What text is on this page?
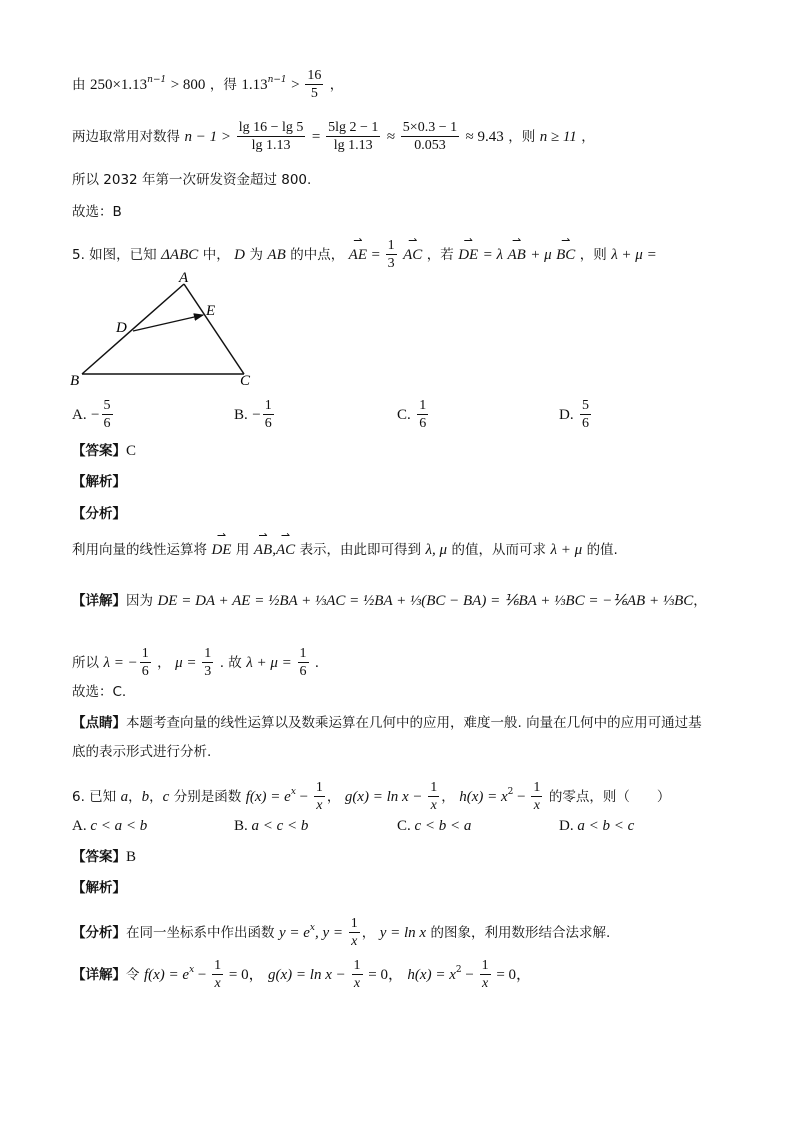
由 $250\times 1.13^{n-1} > 800$ ，得 $1.13^{n-1} > \frac{16}{5}$ ，
两边取常用对数得 $n - 1 > \frac{\lg 16 - \lg 5}{\lg 1.13} = \frac{5\lg 2 - 1}{\lg 1.13} \approx \frac{5\times 0.3 - 1}{0.053} \approx 9.43$ ，则 n ≥ 11 ，
所以 2032 年第一次研发资金超过 800.
故选：B
5. 如图，已知 ΔABC 中， D 为 AB 的中点， ⇀ AE = $\frac{1}{3}$ ⇀ AC ，若 ⇀ DE = λ ⇀ AB + μ ⇀ BC ，则 λ + μ =
A
B	C
D
E
A. − $\frac{5}{6}$	B. − $\frac{1}{6}$	C. $\frac{1}{6}$	D. $\frac{5}{6}$
【答案】C
【解析】
【分析】
利用向量的线性运算将 ⇀ DE 用 ⇀ AB,⇀ AC 表示，由此即可得到 λ, μ 的值，从而可求 λ + μ 的值.
【详解】因为 DE = DA + AE = ½BA + ⅓AC = ½BA + ⅓(BC − BA) = ⅙BA + ⅓BC = −⅙AB + ⅓BC，
所以 λ = − $\frac{1}{6}$ ， $\mu = \frac{1}{3}$ . 故 $\lambda + \mu = \frac{1}{6}$ .
故选：C.
【点睛】本题考查向量的线性运算以及数乘运算在几何中的应用，难度一般. 向量在几何中的应用可通过基
底的表示形式进行分析.
6. 已知 a，b，c 分别是函数 $f(x) = e^x - \frac{1}{x}$ ， $g(x) = \ln x - \frac{1}{x}$ ， $h(x) = x^2 - \frac{1}{x}$ 的零点，则（　　）
A. c < a < b	B. a < c < b	C. c < b < a	D. a < b < c
【答案】B
【解析】
【分析】在同一坐标系中作出函数 $y = e^x$, $y = \frac{1}{x}$ ， y = ln x 的图象，利用数形结合法求解.
【详解】令 $f(x) = e^x - \frac{1}{x} = 0$， $g(x) = \ln x - \frac{1}{x} = 0$， $h(x) = x^2 - \frac{1}{x} = 0$，
